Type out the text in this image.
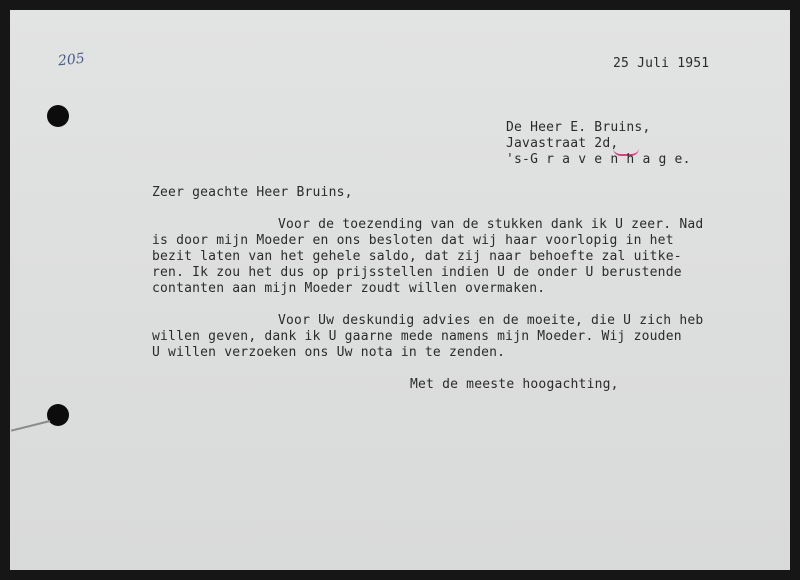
205	25 Juli 1951
De Heer E. Bruins,
Javastraat 2d,
's-G r a v e n h a g e.
Zeer geachte Heer Bruins,
Voor de toezending van de stukken dank ik U zeer. Nad
is door mijn Moeder en ons besloten dat wij haar voorlopig in het
bezit laten van het gehele saldo, dat zij naar behoefte zal uitke-
ren. Ik zou het dus op prijsstellen indien U de onder U berustende
contanten aan mijn Moeder zoudt willen overmaken.
Voor Uw deskundig advies en de moeite, die U zich heb
willen geven, dank ik U gaarne mede namens mijn Moeder. Wij zouden
U willen verzoeken ons Uw nota in te zenden.
Met de meeste hoogachting,
